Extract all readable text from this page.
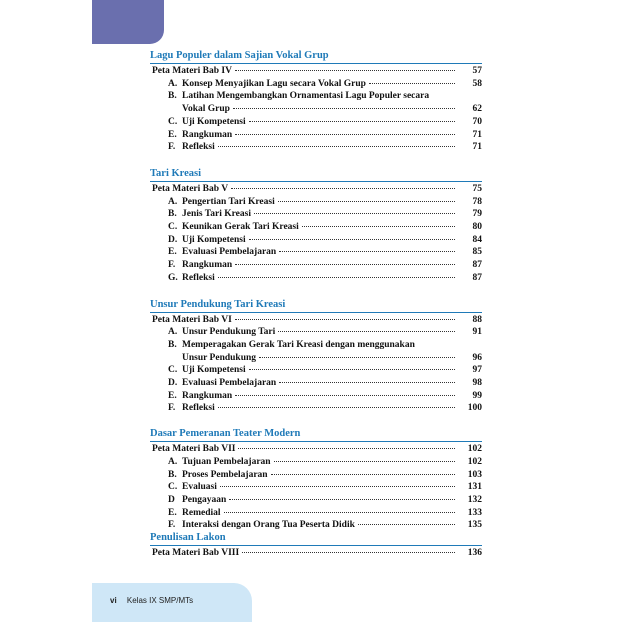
Lagu Populer dalam Sajian Vokal Grup
Peta Materi Bab IV	57
A. Konsep Menyajikan Lagu secara Vokal Grup	58
B. Latihan Mengembangkan Ornamentasi Lagu Populer secara
Vokal Grup	62
C. Uji Kompetensi	70
E. Rangkuman	71
F. Refleksi	71
Tari Kreasi
Peta Materi Bab V	75
A. Pengertian Tari Kreasi	78
B. Jenis Tari Kreasi	79
C. Keunikan Gerak Tari Kreasi	80
D. Uji Kompetensi	84
E. Evaluasi Pembelajaran	85
F. Rangkuman	87
G. Refleksi	87
Unsur Pendukung Tari Kreasi
Peta Materi Bab VI	88
A. Unsur Pendukung Tari	91
B. Memperagakan Gerak Tari Kreasi dengan menggunakan
Unsur Pendukung	96
C. Uji Kompetensi	97
D. Evaluasi Pembelajaran	98
E. Rangkuman	99
F. Refleksi	100
Dasar Pemeranan Teater Modern
Peta Materi Bab VII	102
A. Tujuan Pembelajaran	102
B. Proses Pembelajaran	103
C. Evaluasi	131
D Pengayaan	132
E. Remedial	133
F. Interaksi dengan Orang Tua Peserta Didik	135
Penulisan Lakon
Peta Materi Bab VIII	136
vi Kelas IX SMP/MTs
